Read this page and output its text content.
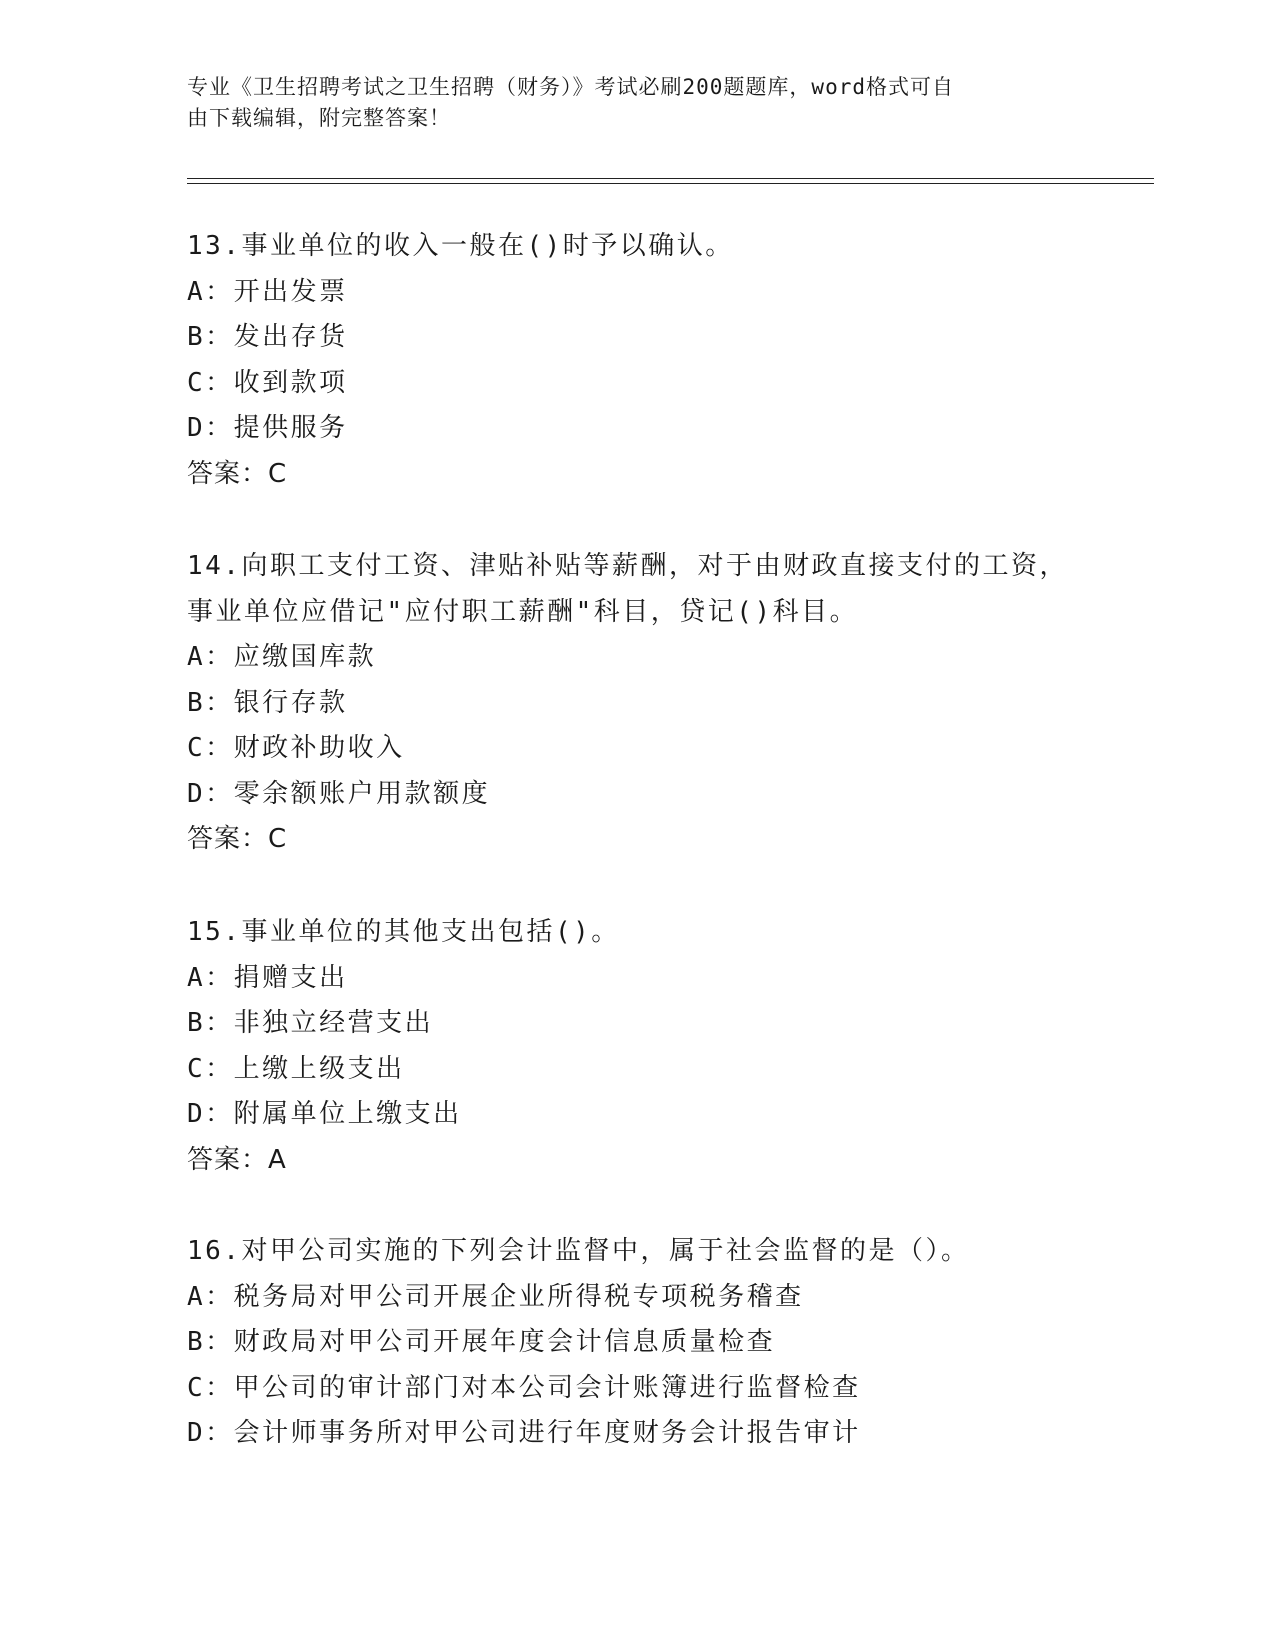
专业《卫生招聘考试之卫生招聘（财务）》考试必刷200题题库，word格式可自
由下载编辑，附完整答案！
13.事业单位的收入一般在()时予以确认。
A：开出发票
B：发出存货
C：收到款项
D：提供服务
答案：C
14.向职工支付工资、津贴补贴等薪酬，对于由财政直接支付的工资，
事业单位应借记"应付职工薪酬"科目，贷记()科目。
A：应缴国库款
B：银行存款
C：财政补助收入
D：零余额账户用款额度
答案：C
15.事业单位的其他支出包括()。
A：捐赠支出
B：非独立经营支出
C：上缴上级支出
D：附属单位上缴支出
答案：A
16.对甲公司实施的下列会计监督中，属于社会监督的是（）。
A：税务局对甲公司开展企业所得税专项税务稽查
B：财政局对甲公司开展年度会计信息质量检查
C：甲公司的审计部门对本公司会计账簿进行监督检查
D：会计师事务所对甲公司进行年度财务会计报告审计
